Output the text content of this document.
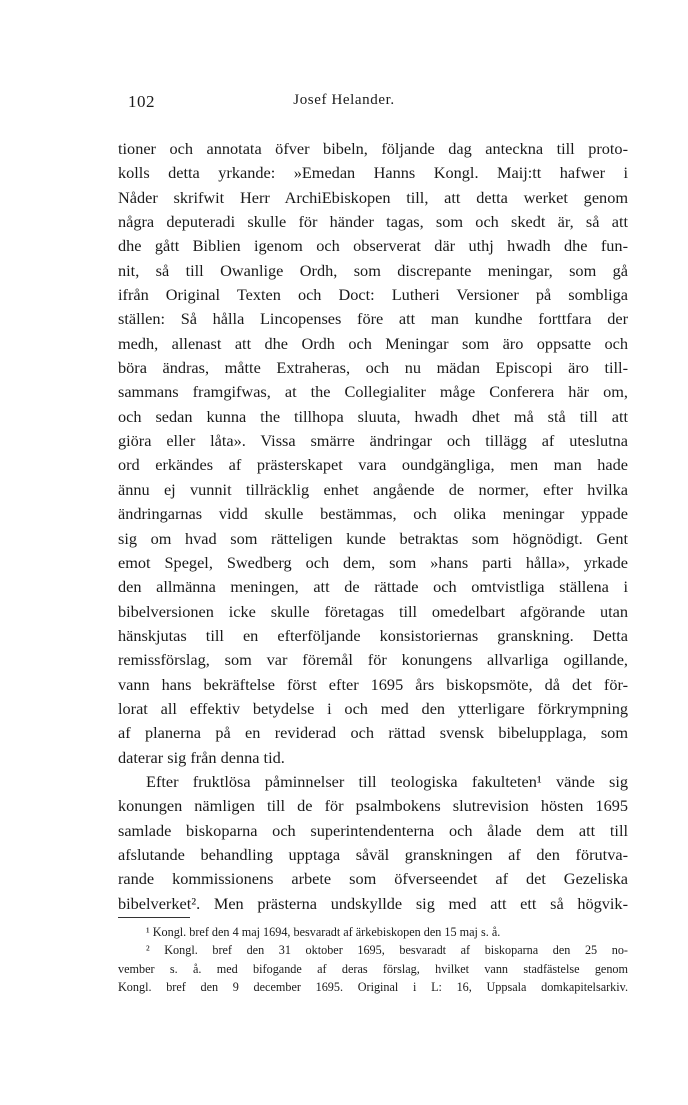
102	Josef Helander.
tioner och annotata öfver bibeln, följande dag anteckna till proto-
kolls detta yrkande: »Emedan Hanns Kongl. Maij:tt hafwer i
Nåder skrifwit Herr ArchiEbiskopen till, att detta werket genom
några deputeradi skulle för händer tagas, som och skedt är, så att
dhe gått Biblien igenom och observerat där uthj hwadh dhe fun-
nit, så till Owanlige Ordh, som discrepante meningar, som gå
ifrån Original Texten och Doct: Lutheri Versioner på sombliga
ställen: Så hålla Lincopenses före att man kundhe forttfara der
medh, allenast att dhe Ordh och Meningar som äro oppsatte och
böra ändras, måtte Extraheras, och nu mädan Episcopi äro till-
sammans framgifwas, at the Collegialiter måge Conferera här om,
och sedan kunna the tillhopa sluuta, hwadh dhet må stå till att
giöra eller låta». Vissa smärre ändringar och tillägg af uteslutna
ord erkändes af prästerskapet vara oundgängliga, men man hade
ännu ej vunnit tillräcklig enhet angående de normer, efter hvilka
ändringarnas vidd skulle bestämmas, och olika meningar yppade
sig om hvad som rätteligen kunde betraktas som högnödigt. Gent
emot Spegel, Swedberg och dem, som »hans parti hålla», yrkade
den allmänna meningen, att de rättade och omtvistliga ställena i
bibelversionen icke skulle företagas till omedelbart afgörande utan
hänskjutas till en efterföljande konsistoriernas granskning. Detta
remissförslag, som var föremål för konungens allvarliga ogillande,
vann hans bekräftelse först efter 1695 års biskopsmöte, då det för-
lorat all effektiv betydelse i och med den ytterligare förkrympning
af planerna på en reviderad och rättad svensk bibelupplaga, som
daterar sig från denna tid.
Efter fruktlösa påminnelser till teologiska fakulteten¹ vände sig
konungen nämligen till de för psalmbokens slutrevision hösten 1695
samlade biskoparna och superintendenterna och ålade dem att till
afslutande behandling upptaga såväl granskningen af den förutva-
rande kommissionens arbete som öfverseendet af det Gezeliska
bibelverket². Men prästerna undskyllde sig med att ett så högvik-
¹ Kongl. bref den 4 maj 1694, besvaradt af ärkebiskopen den 15 maj s. å.
² Kongl. bref den 31 oktober 1695, besvaradt af biskoparna den 25 no-
vember s. å. med bifogande af deras förslag, hvilket vann stadfästelse genom
Kongl. bref den 9 december 1695. Original i L: 16, Uppsala domkapitelsarkiv.
